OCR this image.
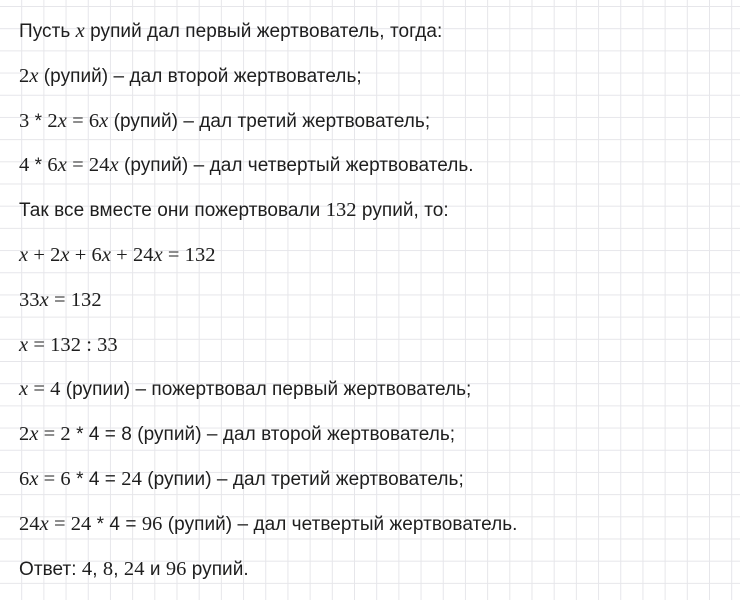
Пусть x рупий дал первый жертвователь, тогда:
2x (рупий) – дал второй жертвователь;
3 * 2x = 6x (рупий) – дал третий жертвователь;
4 * 6x = 24x (рупий) – дал четвертый жертвователь.
Так все вместе они пожертвовали 132 рупий, то:
x + 2x + 6x + 24x = 132
33x = 132
x = 132 : 33
x = 4 (рупии) – пожертвовал первый жертвователь;
2x = 2 * 4 = 8 (рупий) – дал второй жертвователь;
6x = 6 * 4 = 24 (рупии) – дал третий жертвователь;
24x = 24 * 4 = 96 (рупий) – дал четвертый жертвователь.
Ответ: 4, 8, 24 и 96 рупий.
